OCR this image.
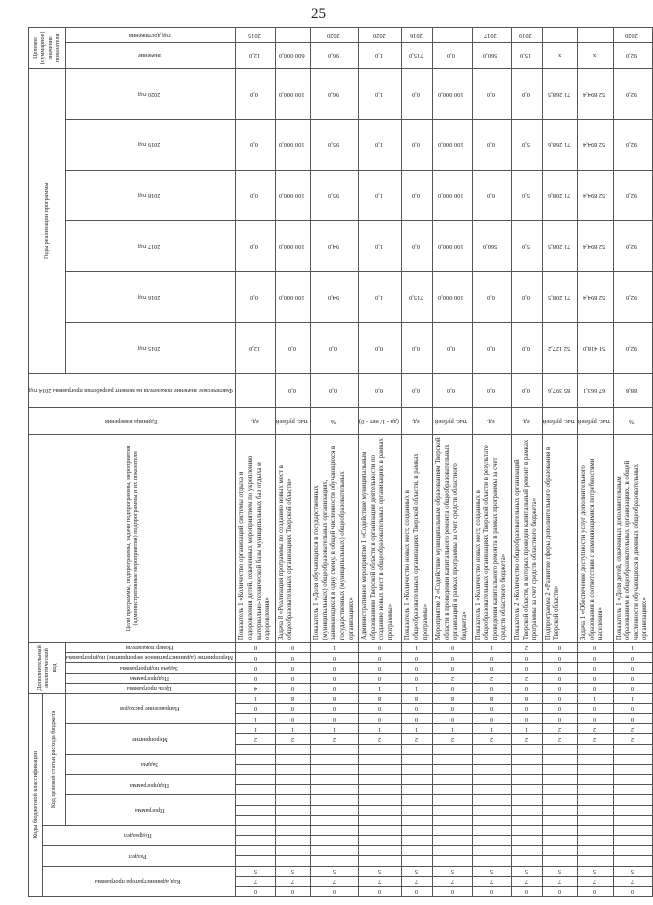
25
Коды бюджетной классификации																				Дополнительный аналитический код					Цели программы, подпрограммы, задачи подпрограммы, мероприятия (административные мероприятия) подпрограммы и их показатели	Единица измерения	Фактическое значение показателя на момент разработки программы 2014 год	Годы реализации программы						Целевое (суммарное) значение показателя	
Код администратора программы			Раздел		Подраздел		Код целевой статьи расхода бюджета																												
							Программа			Подпрограмма		Задача		Мероприятие			Направление расходов			Цель программы	Подпрограмма	Задача подпрограммы	Мероприятие (административное мероприятие) подпрограммы	Номер показателя				2015 год	2016 год	2017 год	2018 год	2019 год	2020 год	значение	год достижения
0	7	5													2	1	1	0	1	4	0	0	0	0	Показатель 1 «Количество организаций системы отдыха и оздоровления детей, охваченных мероприятием по укреплению материально-технической базы муниципальных баз отдыха и оздоровления»	ед.		12,0	0,0	0,0	0,0	0,0	0,0	12,0	2015
0	7	5													2	1	0	0	8	0	0	0	0	0	Задача 8 «Реализация программы по созданию новых мест в общеобразовательных организациях Тверской области»	тыс. рублей	0,0	0,0	100 000,0	100 000,0	100 000,0	100 000,0	100 000,0	600 000,0	
0	7	5													2	1	0	0	8	0	0	0	0	1	Показатель 1 «Доля обучающихся в государственных (муниципальных) общеобразовательных организациях, занимающихся в одну смену, в общей численности обучающихся в государственных (муниципальных) общеобразовательных организациях»	%	0,0	0,0	94,0	94,0	95,0	95,0	96,0	96,0	2020
0	7	5													2	1	0	0	8	1	0	0	0	0	Административное мероприятие 1 «Содействие муниципальным образованиям Тверской области в организации деятельности по созданию новых мест в общеобразовательных организациях в рамках программы»	(да - 1/ нет - 0)	0,0	0,0	1,0	1,0	1,0	1,0	1,0	1,0	2020
0	7	5													2	1	0	0	8	1	0	0	0	1	Показатель 1 «Количество новых мест, созданных в общеобразовательных организациях Тверской области, в рамках программы»	ед.	0,0	0,0	715,0	0,0	0,0	0,0	0,0	715,0	2016
0	7	5													2	1	0	0	8	0	2	0	0	0	Мероприятие 2 «Содействие муниципальным образованиям Тверской области в проведении капитального ремонта общеобразовательных организаций в рамках программы за счет средств областного бюджета»	тыс. рублей	0,0	0,0	100 000,0	100 000,0	100 000,0	100 000,0	100 000,0	0,0	
0	7	5													2	1	0	0	8	0	2	0	0	1	Показатель 1 «Количество новых мест, созданных в общеобразовательных организациях Тверской области в результате проведения капитального ремонта в рамках программы за счет средств областного бюджета»	ед.	0,0	0,0	0,0	560,0	0,0	0,0	0,0	560,0	2017
0	7	5													2	1	0	0	8	0	2	0	0	2	Показатель 2 «Количество общеобразовательных организаций Тверской области, в которых проведен капитальный ремонт в рамках программы за счет средств областного бюджета»	ед.	0,0	0,0	0,0	5,0	5,0	5,0	0,0	15,0	2019
0	7	5													2	2	0	0	0	0	0	0	0	0	Подпрограмма 2 «Развитие сферы дополнительного образования в Тверской области»	тыс. рублей	85 397,6	52 127,2	71 208,5	71 208,5	71 208,6	71 268,6	71 268,5	х	
0	7	5													2	2	0	0	1	0	0	0	0	0	Задача 1 «Обеспечение доступности услуг дополнительного образования в соответствии с изменяющимися потребностями населения»	тыс. рублей	67 663,1	51 418,0	52 894,4	52 894,4	52 894,4	52 894,4	52 894,4	х	
0	7	5													2	2	0	0	1	0	0	0	0	1	Показатель 1 «Доля детей, охваченных дополнительным образованием в общеобразовательных организациях, в общей численности обучающихся в дневных общеобразовательных организациях»	%	88,8	92,0	92,0	92,0	92,0	92,0	92,0	92,0	2020
